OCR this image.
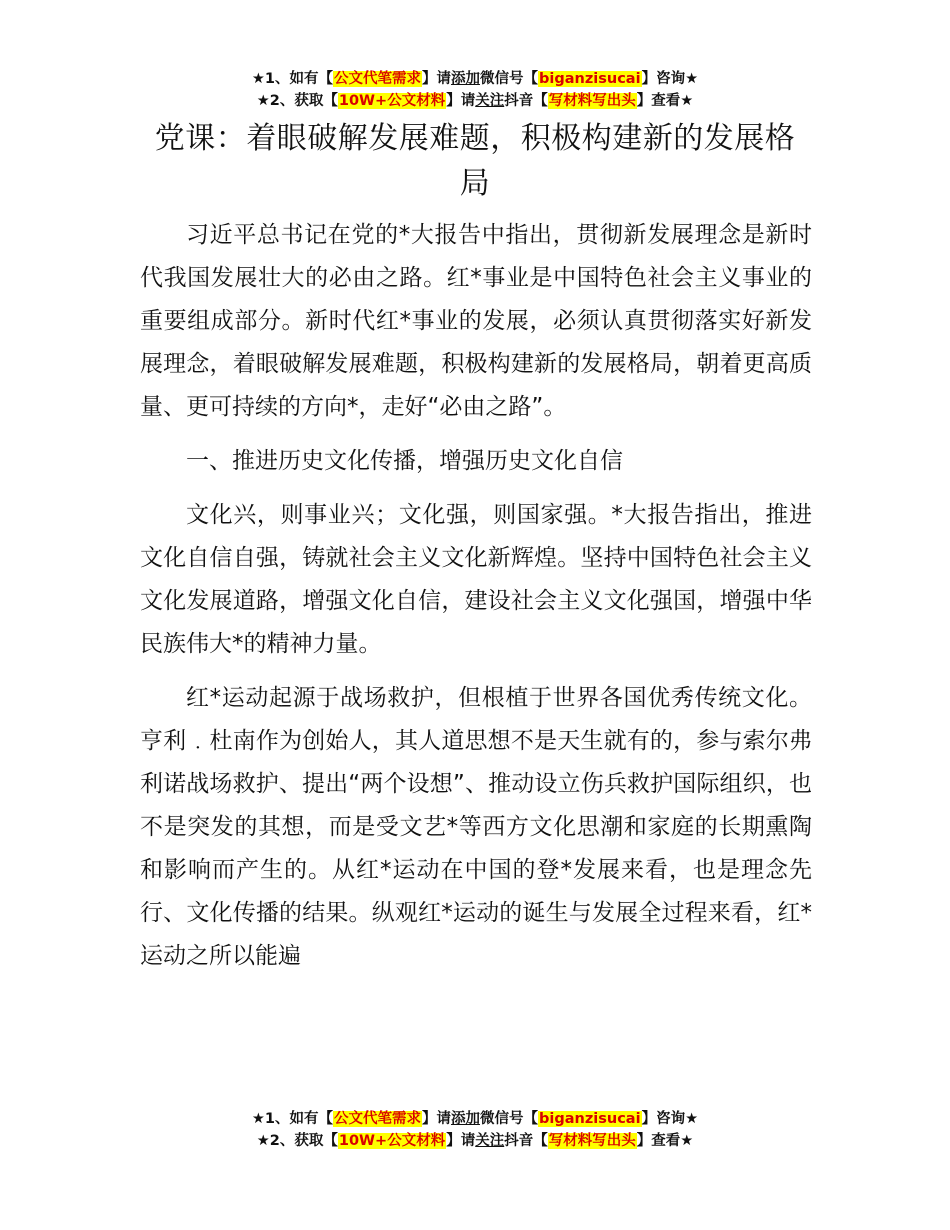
★1、如有【公文代笔需求】请添加微信号【biganzisucai】咨询★
★2、获取【10W+公文材料】请关注抖音【写材料写出头】查看★
党课：着眼破解发展难题，积极构建新的发展格局

习近平总书记在党的*大报告中指出，贯彻新发展理念是新时代我国发展壮大的必由之路。红*事业是中国特色社会主义事业的重要组成部分。新时代红*事业的发展，必须认真贯彻落实好新发展理念，着眼破解发展难题，积极构建新的发展格局，朝着更高质量、更可持续的方向*，走好“必由之路”。

一、推进历史文化传播，增强历史文化自信

文化兴，则事业兴；文化强，则国家强。*大报告指出，推进文化自信自强，铸就社会主义文化新辉煌。坚持中国特色社会主义文化发展道路，增强文化自信，建设社会主义文化强国，增强中华民族伟大*的精神力量。

红*运动起源于战场救护，但根植于世界各国优秀传统文化。亨利﹒杜南作为创始人，其人道思想不是天生就有的，参与索尔弗利诺战场救护、提出“两个设想”、推动设立伤兵救护国际组织，也不是突发的其想，而是受文艺*等西方文化思潮和家庭的长期熏陶和影响而产生的。从红*运动在中国的登*发展来看，也是理念先行、文化传播的结果。纵观红*运动的诞生与发展全过程来看，红*运动之所以能遍

★1、如有【公文代笔需求】请添加微信号【biganzisucai】咨询★
★2、获取【10W+公文材料】请关注抖音【写材料写出头】查看★
